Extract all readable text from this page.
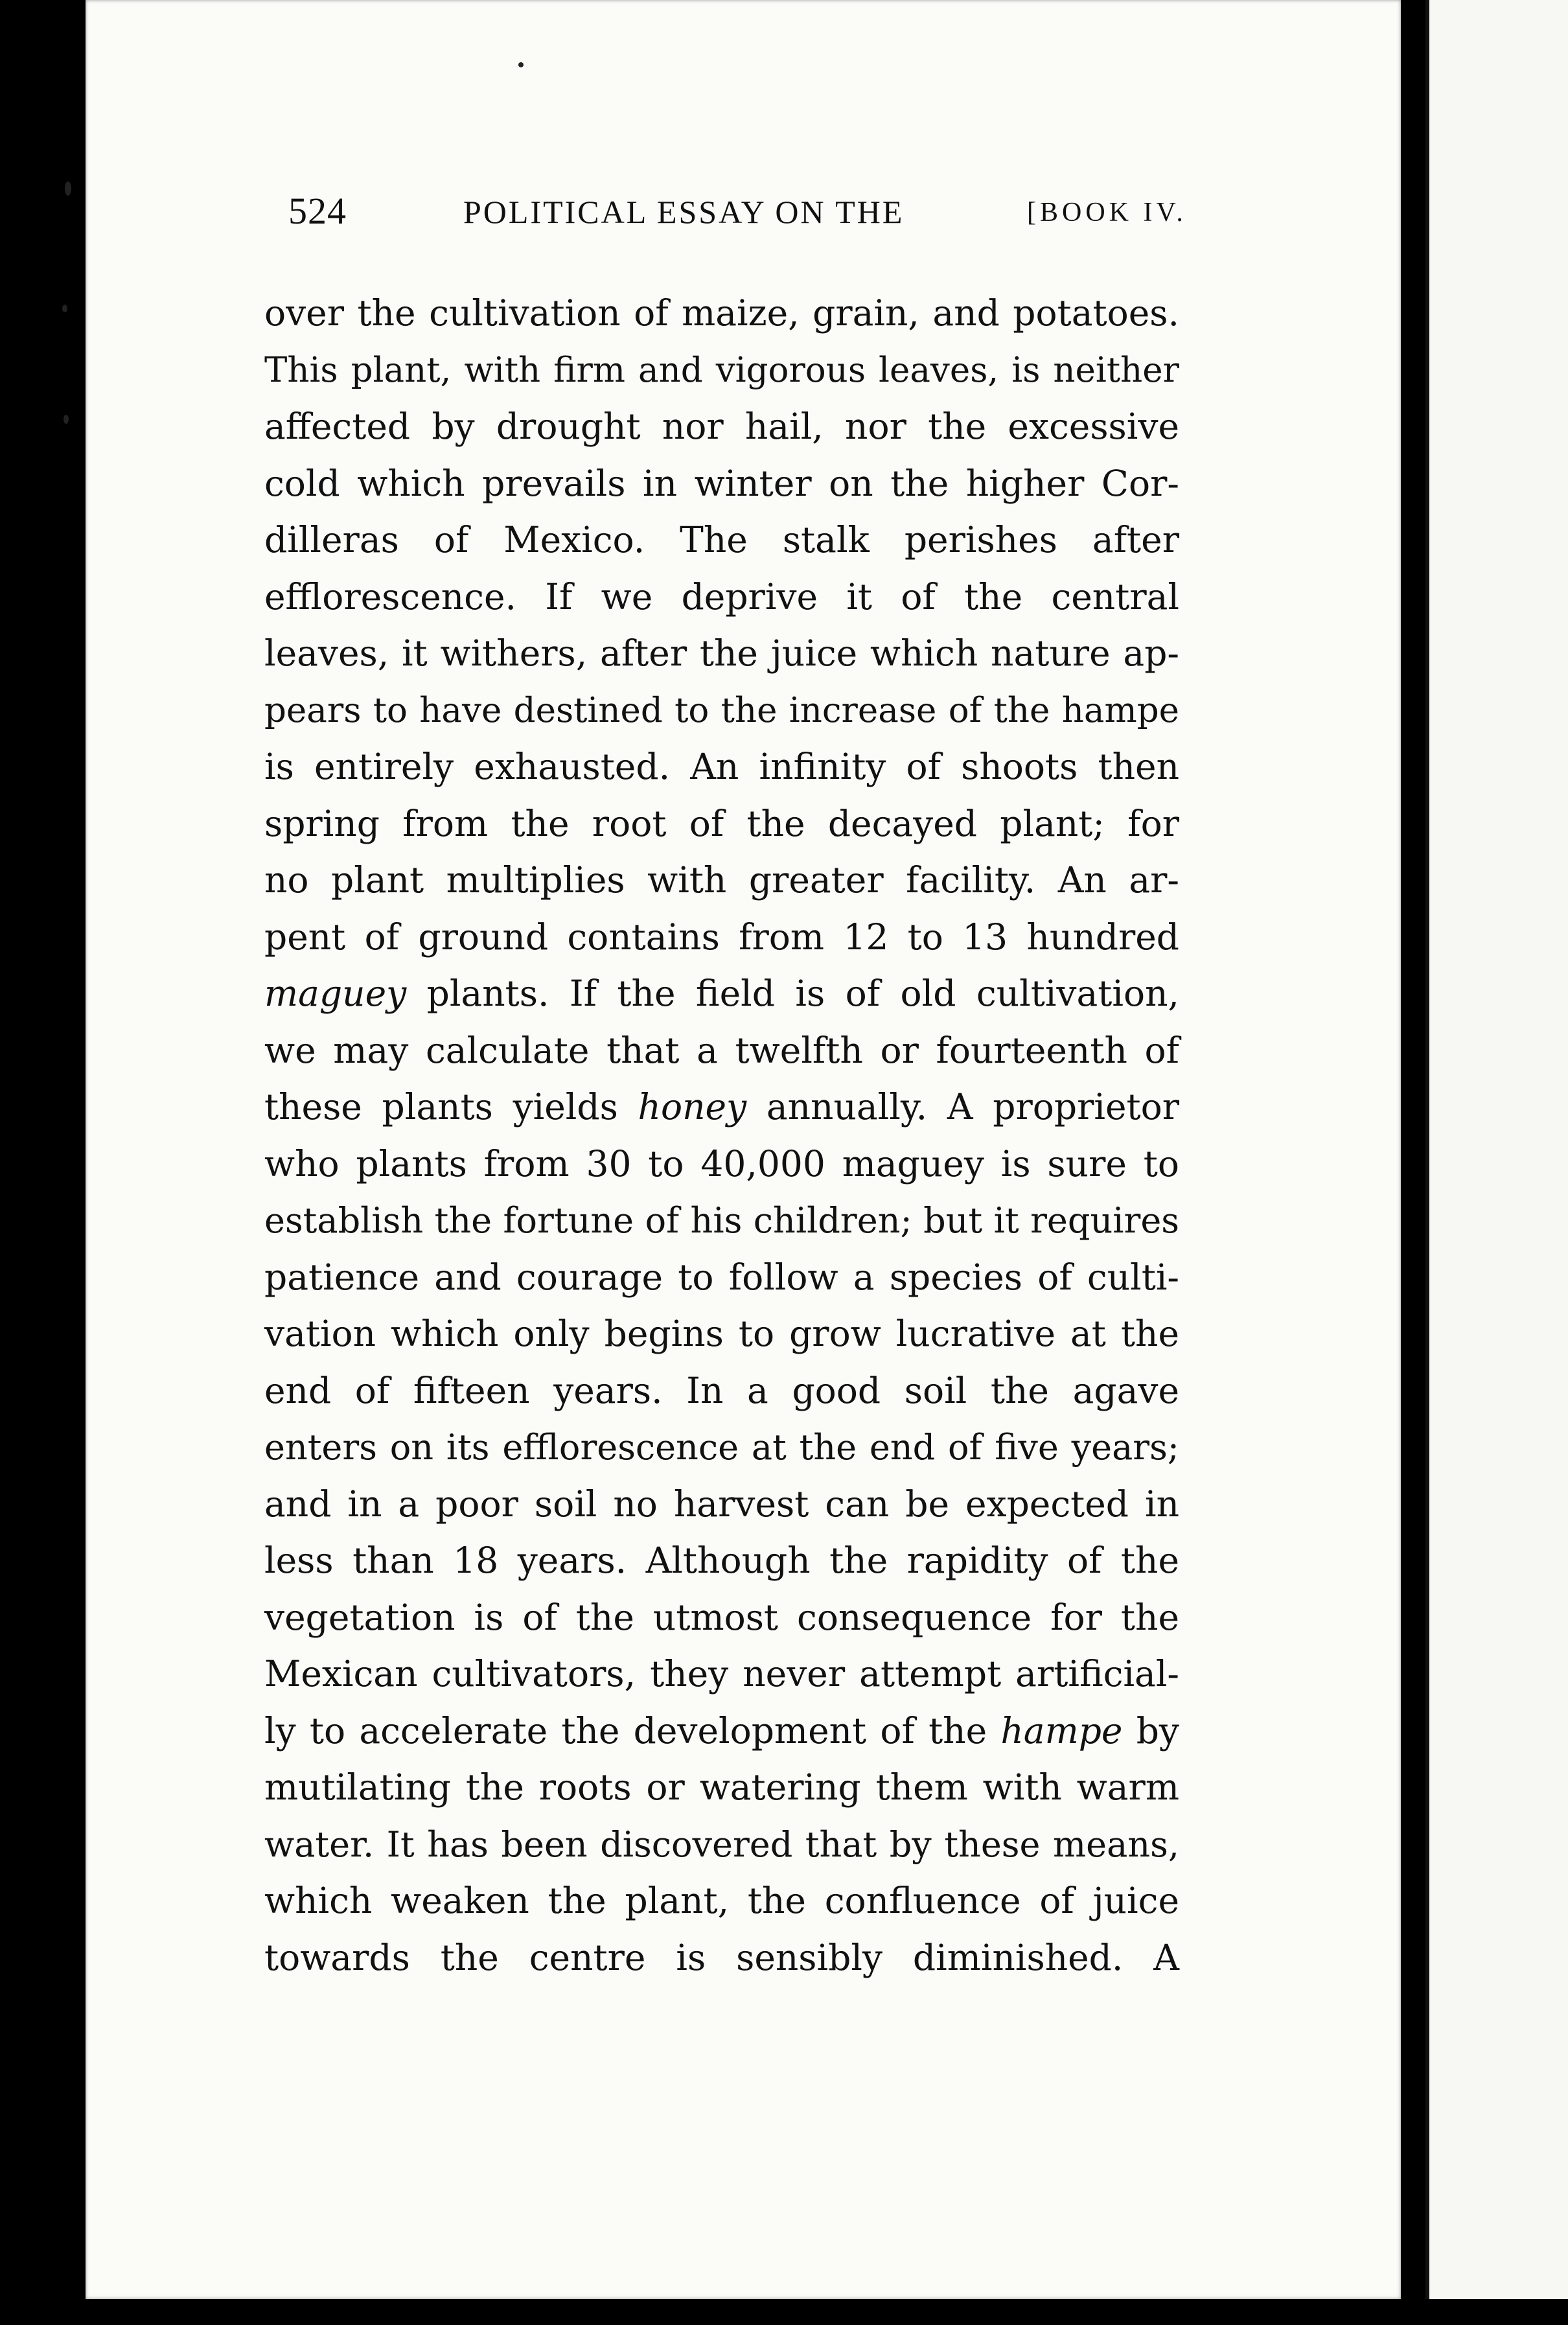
524	POLITICAL ESSAY ON THE	[BOOK IV.
over the cultivation of maize, grain, and potatoes.
This plant, with firm and vigorous leaves, is neither
affected by drought nor hail, nor the excessive
cold which prevails in winter on the higher Cor-
dilleras of Mexico. The stalk perishes after
efflorescence. If we deprive it of the central
leaves, it withers, after the juice which nature ap-
pears to have destined to the increase of the hampe
is entirely exhausted. An infinity of shoots then
spring from the root of the decayed plant; for
no plant multiplies with greater facility. An ar-
pent of ground contains from 12 to 13 hundred
maguey plants. If the field is of old cultivation,
we may calculate that a twelfth or fourteenth of
these plants yields honey annually. A proprietor
who plants from 30 to 40,000 maguey is sure to
establish the fortune of his children; but it requires
patience and courage to follow a species of culti-
vation which only begins to grow lucrative at the
end of fifteen years. In a good soil the agave
enters on its efflorescence at the end of five years;
and in a poor soil no harvest can be expected in
less than 18 years. Although the rapidity of the
vegetation is of the utmost consequence for the
Mexican cultivators, they never attempt artificial-
ly to accelerate the development of the hampe by
mutilating the roots or watering them with warm
water. It has been discovered that by these means,
which weaken the plant, the confluence of juice
towards the centre is sensibly diminished. A
